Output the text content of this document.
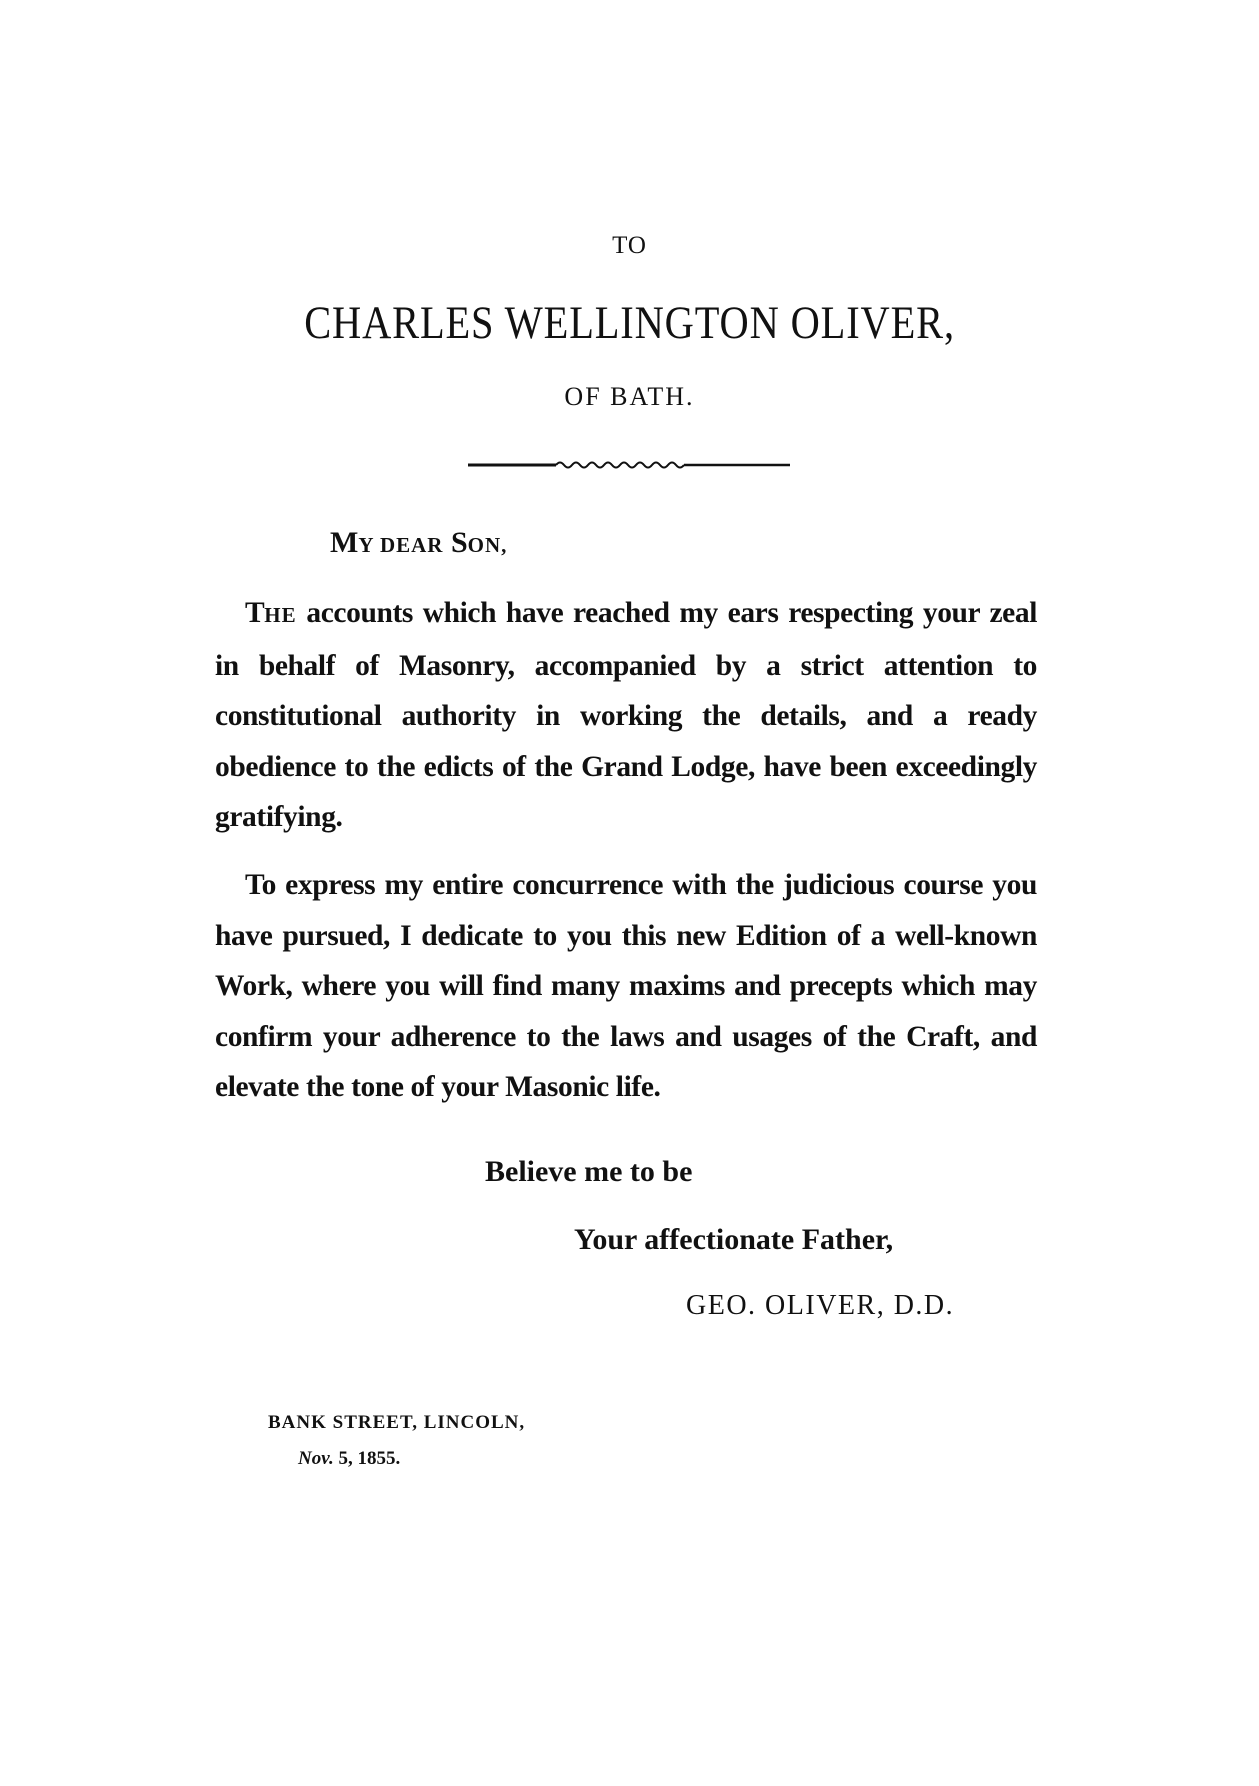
TO
CHARLES WELLINGTON OLIVER,
OF BATH.
MY DEAR SON,

THE accounts which have reached my ears respecting your zeal in behalf of Masonry, accompanied by a strict attention to constitutional authority in working the details, and a ready obedience to the edicts of the Grand Lodge, have been exceedingly gratifying.

To express my entire concurrence with the judicious course you have pursued, I dedicate to you this new Edition of a well-known Work, where you will find many maxims and precepts which may confirm your adherence to the laws and usages of the Craft, and elevate the tone of your Masonic life.

Believe me to be
Your affectionate Father,
GEO. OLIVER, D.D.
BANK STREET, LINCOLN,
Nov. 5, 1855.
